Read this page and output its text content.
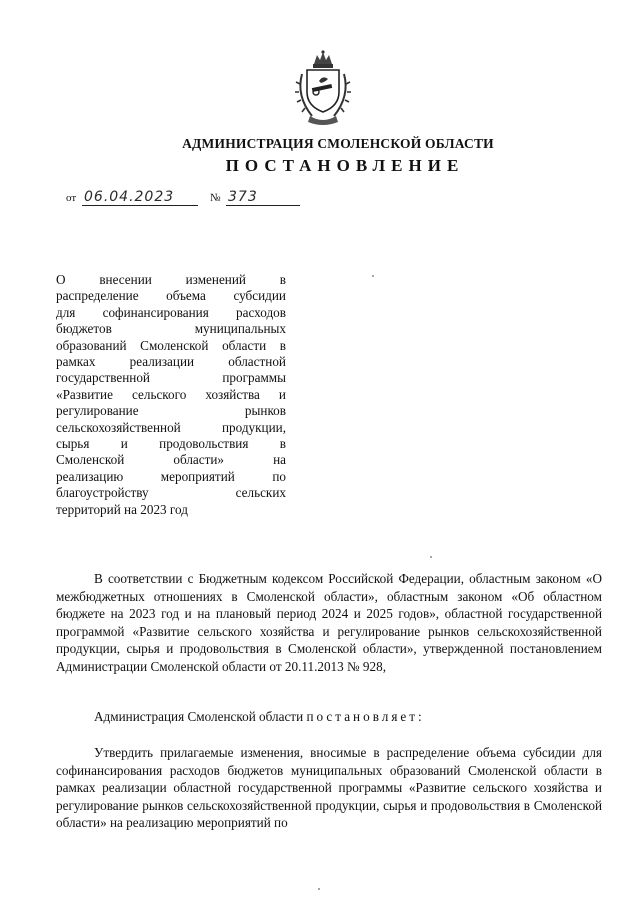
АДМИНИСТРАЦИЯ СМОЛЕНСКОЙ ОБЛАСТИ
ПОСТАНОВЛЕНИЕ
от 06.04.2023	№ 373
О внесении изменений в
распределение объема субсидии
для софинансирования расходов
бюджетов муниципальных
образований Смоленской области в
рамках реализации областной
государственной программы
«Развитие сельского хозяйства и
регулирование рынков
сельскохозяйственной продукции,
сырья и продовольствия в
Смоленской области» на
реализацию мероприятий по
благоустройству сельских
территорий на 2023 год
В соответствии с Бюджетным кодексом Российской Федерации, областным законом «О межбюджетных отношениях в Смоленской области», областным законом «Об областном бюджете на 2023 год и на плановый период 2024 и 2025 годов», областной государственной программой «Развитие сельского хозяйства и регулирование рынков сельскохозяйственной продукции, сырья и продовольствия в Смоленской области», утвержденной постановлением Администрации Смоленской области от 20.11.2013 № 928,
Администрация Смоленской области постановляет:
Утвердить прилагаемые изменения, вносимые в распределение объема субсидии для софинансирования расходов бюджетов муниципальных образований Смоленской области в рамках реализации областной государственной программы «Развитие сельского хозяйства и регулирование рынков сельскохозяйственной продукции, сырья и продовольствия в Смоленской области» на реализацию мероприятий по
